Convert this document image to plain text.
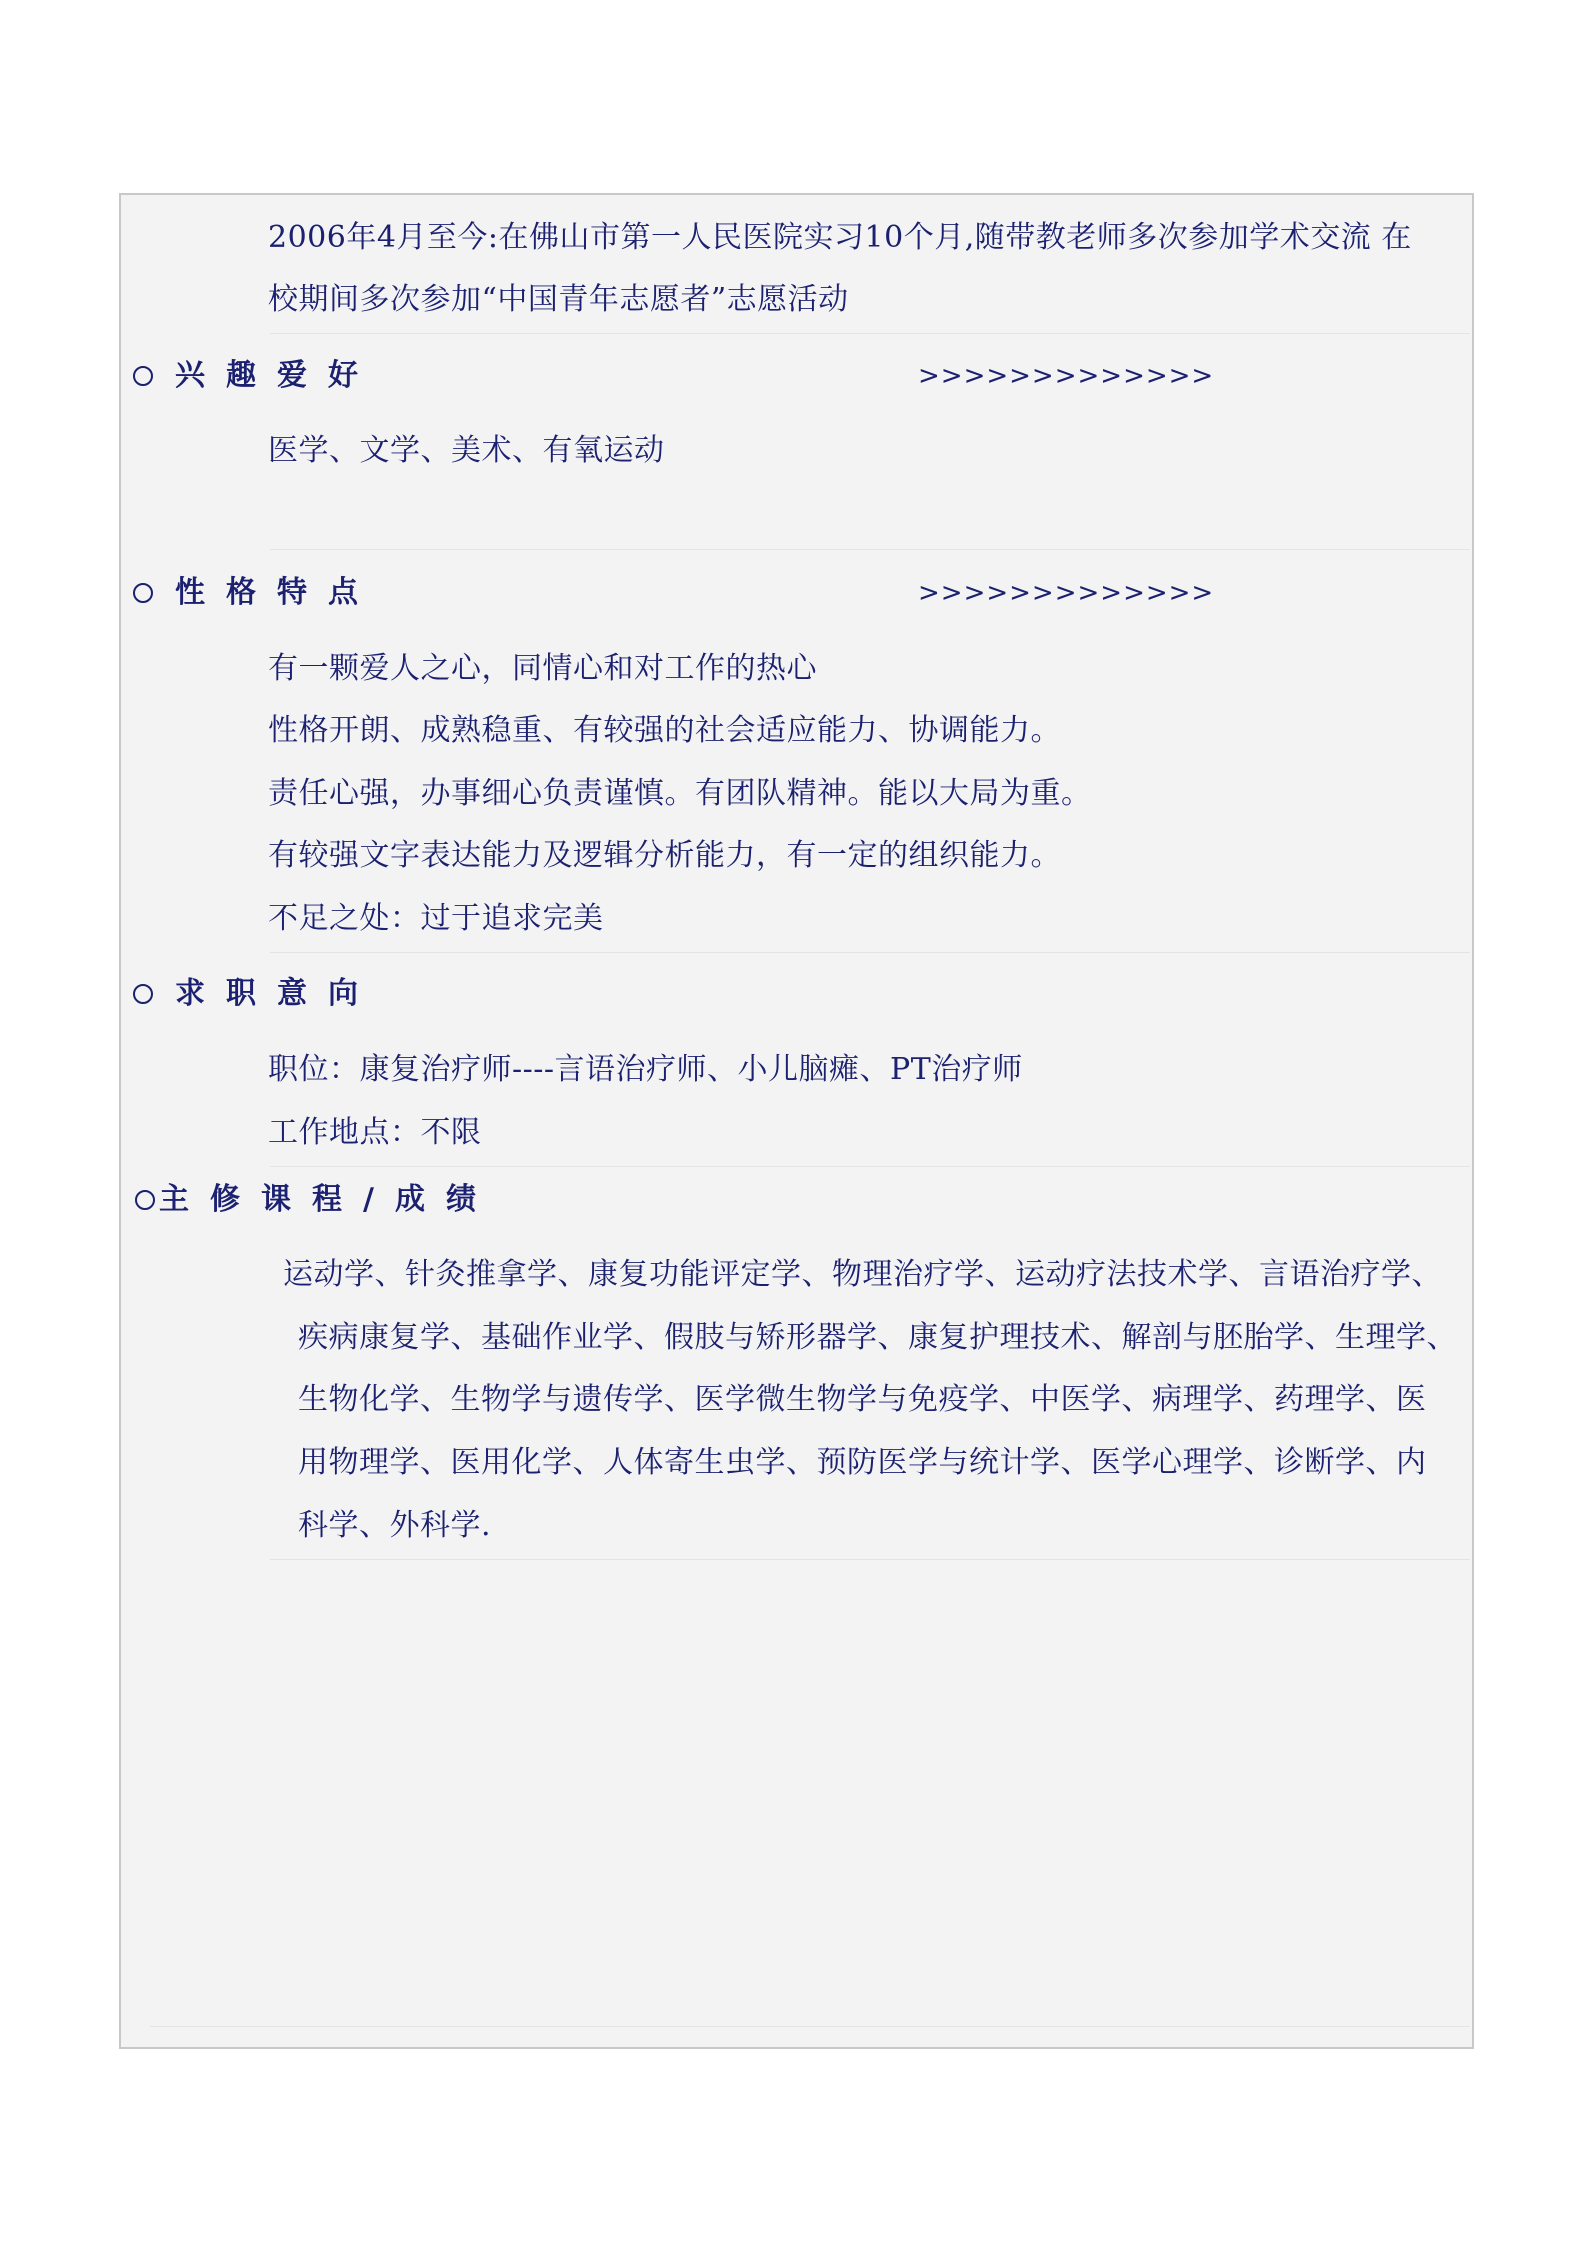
2006年4月至今:在佛山市第一人民医院实习10个月,随带教老师多次参加学术交流 在
校期间多次参加“中国青年志愿者”志愿活动
兴趣爱好	>>>>>>>>>>>>>
医学、文学、美术、有氧运动
性格特点	>>>>>>>>>>>>>
有一颗爱人之心，同情心和对工作的热心
性格开朗、成熟稳重、有较强的社会适应能力、协调能力。
责任心强，办事细心负责谨慎。有团队精神。能以大局为重。
有较强文字表达能力及逻辑分析能力，有一定的组织能力。
不足之处：过于追求完美
求职意向
职位：康复治疗师----言语治疗师、小儿脑瘫、PT治疗师
工作地点：不限
主修课程/成绩
运动学、针灸推拿学、康复功能评定学、物理治疗学、运动疗法技术学、言语治疗学、
疾病康复学、基础作业学、假肢与矫形器学、康复护理技术、解剖与胚胎学、生理学、
生物化学、生物学与遗传学、医学微生物学与免疫学、中医学、病理学、药理学、医
用物理学、医用化学、人体寄生虫学、预防医学与统计学、医学心理学、诊断学、内
科学、外科学.
